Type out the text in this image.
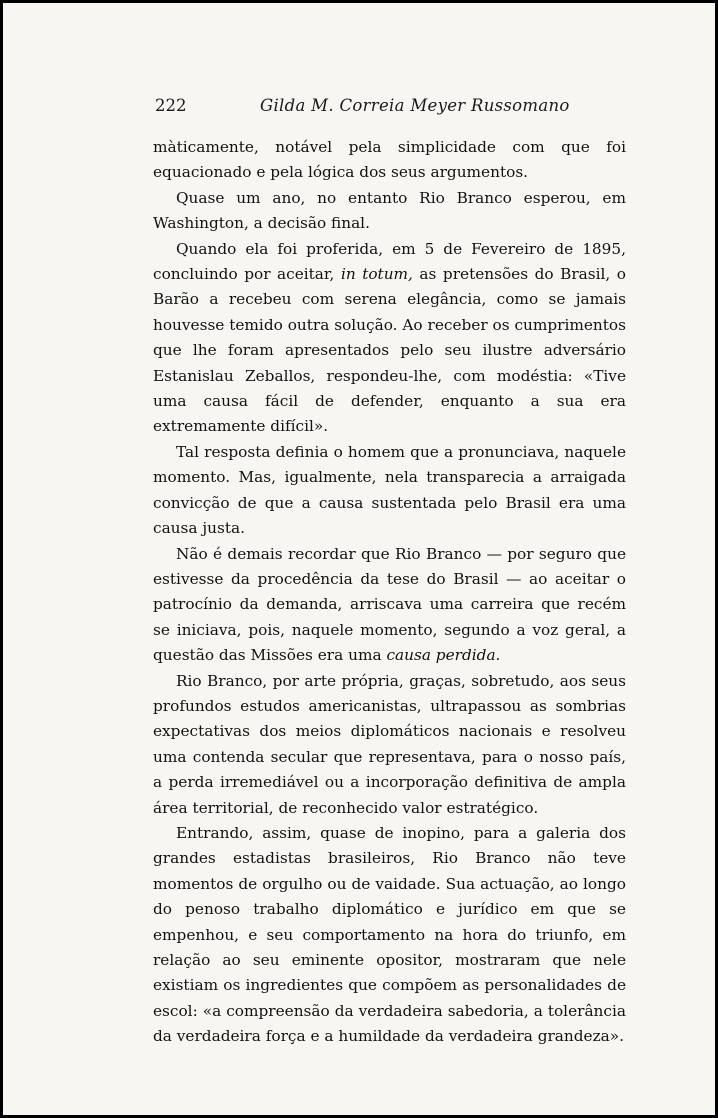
222	Gilda M. Correia Meyer Russomano

màticamente, notável pela simplicidade com que foi equacionado e pela lógica dos seus argumentos.

Quase um ano, no entanto Rio Branco esperou, em Washington, a decisão final.

Quando ela foi proferida, em 5 de Fevereiro de 1895, concluindo por aceitar, in totum, as pretensões do Brasil, o Barão a recebeu com serena elegância, como se jamais houvesse temido outra solução. Ao receber os cumprimentos que lhe foram apresentados pelo seu ilustre adversário Estanislau Zeballos, respondeu-lhe, com modéstia: «Tive uma causa fácil de defender, enquanto a sua era extremamente difícil».

Tal resposta definia o homem que a pronunciava, naquele momento. Mas, igualmente, nela transparecia a arraigada convicção de que a causa sustentada pelo Brasil era uma causa justa.

Não é demais recordar que Rio Branco — por seguro que estivesse da procedência da tese do Brasil — ao aceitar o patrocínio da demanda, arriscava uma carreira que recém se iniciava, pois, naquele momento, segundo a voz geral, a questão das Missões era uma causa perdida.

Rio Branco, por arte própria, graças, sobretudo, aos seus profundos estudos americanistas, ultrapassou as sombrias expectativas dos meios diplomáticos nacionais e resolveu uma contenda secular que representava, para o nosso país, a perda irremediável ou a incorporação definitiva de ampla área territorial, de reconhecido valor estratégico.

Entrando, assim, quase de inopino, para a galeria dos grandes estadistas brasileiros, Rio Branco não teve momentos de orgulho ou de vaidade. Sua actuação, ao longo do penoso trabalho diplomático e jurídico em que se empenhou, e seu comportamento na hora do triunfo, em relação ao seu eminente opositor, mostraram que nele existiam os ingredientes que compõem as personalidades de escol: «a compreensão da verdadeira sabedoria, a tolerância da verdadeira força e a humildade da verdadeira grandeza».
